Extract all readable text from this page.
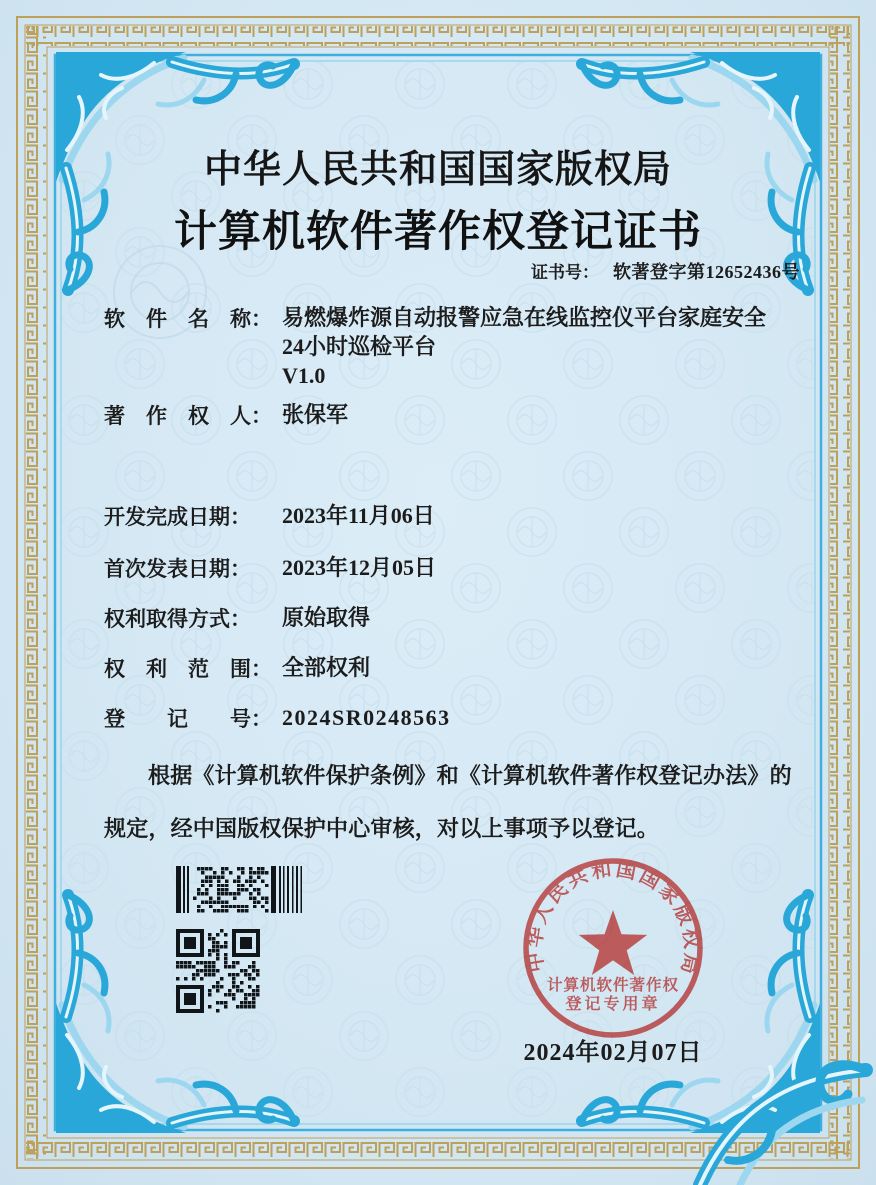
中华人民共和国国家版权局
计算机软件著作权登记证书
证书号： 软著登字第12652436号
软　件　名　称： 易燃爆炸源自动报警应急在线监控仪平台家庭安全
24小时巡检平台
V1.0
著　作　权　人： 张保军
开发完成日期：	2023年11月06日
首次发表日期：	2023年12月05日
权利取得方式：	原始取得
权　利　范　围： 全部权利
登　　记　　号： 2024SR0248563
根据《计算机软件保护条例》和《计算机软件著作权登记办法》的规定，经中国版权保护中心审核，对以上事项予以登记。
中华人民共和国国家版权局
计算机软件著作权
登记专用章
2024年02月07日
